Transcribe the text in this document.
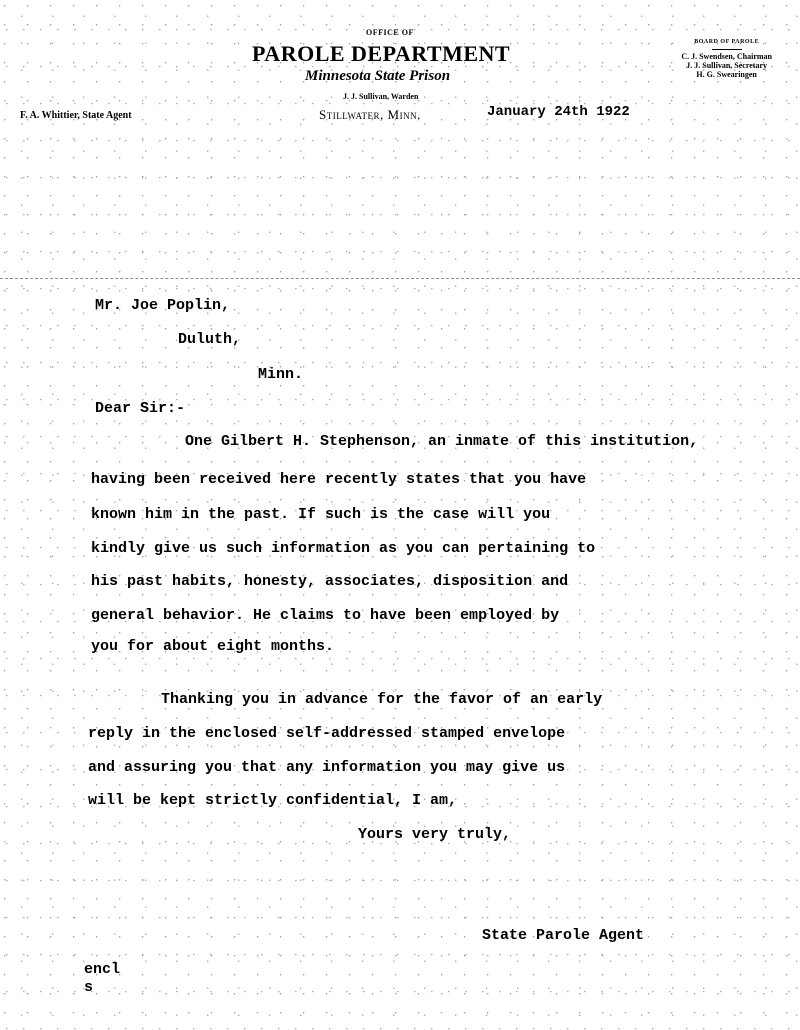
OFFICE OF
PAROLE DEPARTMENT
Minnesota State Prison
J. J. Sullivan, Warden
Stillwater, Minn.
F. A. Whittier, State Agent
BOARD OF PAROLE
C. J. Swendsen, Chairman
J. J. Sullivan, Secretary
H. G. Swearingen
January 24th 1922
Mr. Joe Poplin,
Duluth,
Minn.
Dear Sir:-
One Gilbert H. Stephenson, an inmate of this institution,
having been received here recently states that you have
known him in the past. If such is the case will you
kindly give us such information as you can pertaining to
his past habits, honesty, associates, disposition and
general behavior. He claims to have been employed by
you for about eight months.
Thanking you in advance for the favor of an early
reply in the enclosed self-addressed stamped envelope
and assuring you that any information you may give us
will be kept strictly confidential, I am,
Yours very truly,
State Parole Agent
encl
s
